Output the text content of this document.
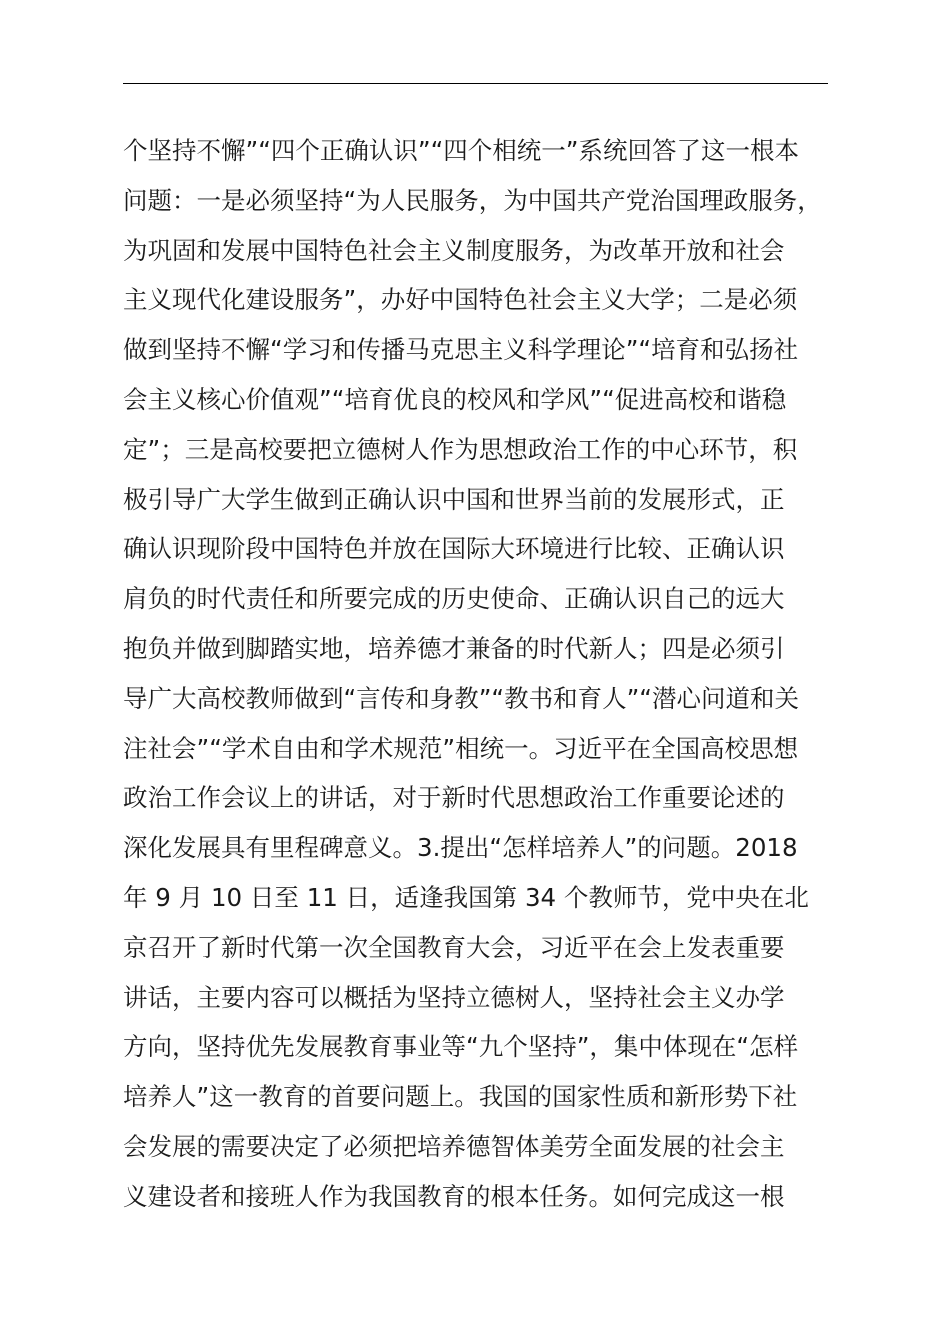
个坚持不懈”“四个正确认识”“四个相统一”系统回答了这一根本
问题：一是必须坚持“为人民服务，为中国共产党治国理政服务，
为巩固和发展中国特色社会主义制度服务，为改革开放和社会
主义现代化建设服务”，办好中国特色社会主义大学；二是必须
做到坚持不懈“学习和传播马克思主义科学理论”“培育和弘扬社
会主义核心价值观”“培育优良的校风和学风”“促进高校和谐稳
定”；三是高校要把立德树人作为思想政治工作的中心环节，积
极引导广大学生做到正确认识中国和世界当前的发展形式，正
确认识现阶段中国特色并放在国际大环境进行比较、正确认识
肩负的时代责任和所要完成的历史使命、正确认识自己的远大
抱负并做到脚踏实地，培养德才兼备的时代新人；四是必须引
导广大高校教师做到“言传和身教”“教书和育人”“潜心问道和关
注社会”“学术自由和学术规范”相统一。习近平在全国高校思想
政治工作会议上的讲话，对于新时代思想政治工作重要论述的
深化发展具有里程碑意义。3.提出“怎样培养人”的问题。2018
年 9 月 10 日至 11 日，适逢我国第 34 个教师节，党中央在北
京召开了新时代第一次全国教育大会，习近平在会上发表重要
讲话，主要内容可以概括为坚持立德树人，坚持社会主义办学
方向，坚持优先发展教育事业等“九个坚持”，集中体现在“怎样
培养人”这一教育的首要问题上。我国的国家性质和新形势下社
会发展的需要决定了必须把培养德智体美劳全面发展的社会主
义建设者和接班人作为我国教育的根本任务。如何完成这一根
